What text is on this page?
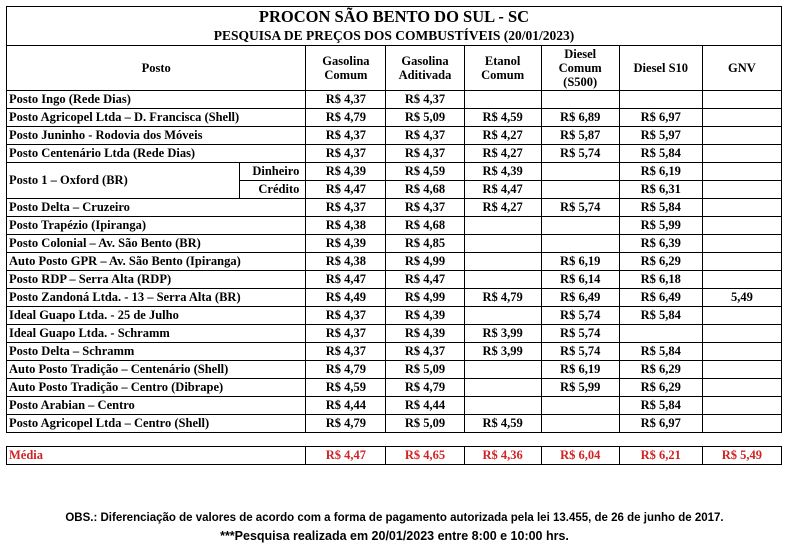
PROCON SÃO BENTO DO SUL - SC							
PESQUISA DE PREÇOS DOS COMBUSTÍVEIS (20/01/2023)							
Posto		Gasolina Comum	Gasolina Aditivada	Etanol Comum	Diesel Comum (S500)	Diesel S10	GNV
Posto Ingo (Rede Dias)		R$ 4,37	R$ 4,37				
Posto Agricopel Ltda – D. Francisca (Shell)		R$ 4,79	R$ 5,09	R$ 4,59	R$ 6,89	R$ 6,97	
Posto Juninho - Rodovia dos Móveis		R$ 4,37	R$ 4,37	R$ 4,27	R$ 5,87	R$ 5,97	
Posto Centenário Ltda (Rede Dias)		R$ 4,37	R$ 4,37	R$ 4,27	R$ 5,74	R$ 5,84	
Posto 1 – Oxford (BR)	Dinheiro	R$ 4,39	R$ 4,59	R$ 4,39		R$ 6,19	
	Crédito	R$ 4,47	R$ 4,68	R$ 4,47		R$ 6,31	
Posto Delta – Cruzeiro		R$ 4,37	R$ 4,37	R$ 4,27	R$ 5,74	R$ 5,84	
Posto Trapézio (Ipiranga)		R$ 4,38	R$ 4,68			R$ 5,99	
Posto Colonial – Av. São Bento (BR)		R$ 4,39	R$ 4,85			R$ 6,39	
Auto Posto GPR – Av. São Bento (Ipiranga)		R$ 4,38	R$ 4,99		R$ 6,19	R$ 6,29	
Posto RDP – Serra Alta (RDP)		R$ 4,47	R$ 4,47		R$ 6,14	R$ 6,18	
Posto Zandoná Ltda. - 13 – Serra Alta (BR)		R$ 4,49	R$ 4,99	R$ 4,79	R$ 6,49	R$ 6,49	5,49
Ideal Guapo Ltda. - 25 de Julho		R$ 4,37	R$ 4,39		R$ 5,74	R$ 5,84	
Ideal Guapo Ltda. - Schramm		R$ 4,37	R$ 4,39	R$ 3,99	R$ 5,74		
Posto Delta – Schramm		R$ 4,37	R$ 4,37	R$ 3,99	R$ 5,74	R$ 5,84	
Auto Posto Tradição – Centenário (Shell)		R$ 4,79	R$ 5,09		R$ 6,19	R$ 6,29	
Auto Posto Tradição – Centro (Dibrape)		R$ 4,59	R$ 4,79		R$ 5,99	R$ 6,29	
Posto Arabian – Centro		R$ 4,44	R$ 4,44			R$ 5,84	
Posto Agricopel Ltda – Centro (Shell)		R$ 4,79	R$ 5,09	R$ 4,59		R$ 6,97	
Média	R$ 4,47	R$ 4,65	R$ 4,36	R$ 6,04	R$ 6,21	R$ 5,49
OBS.: Diferenciação de valores de acordo com a forma de pagamento autorizada pela lei 13.455, de 26 de junho de 2017.
***Pesquisa realizada em 20/01/2023 entre 8:00 e 10:00 hrs.
